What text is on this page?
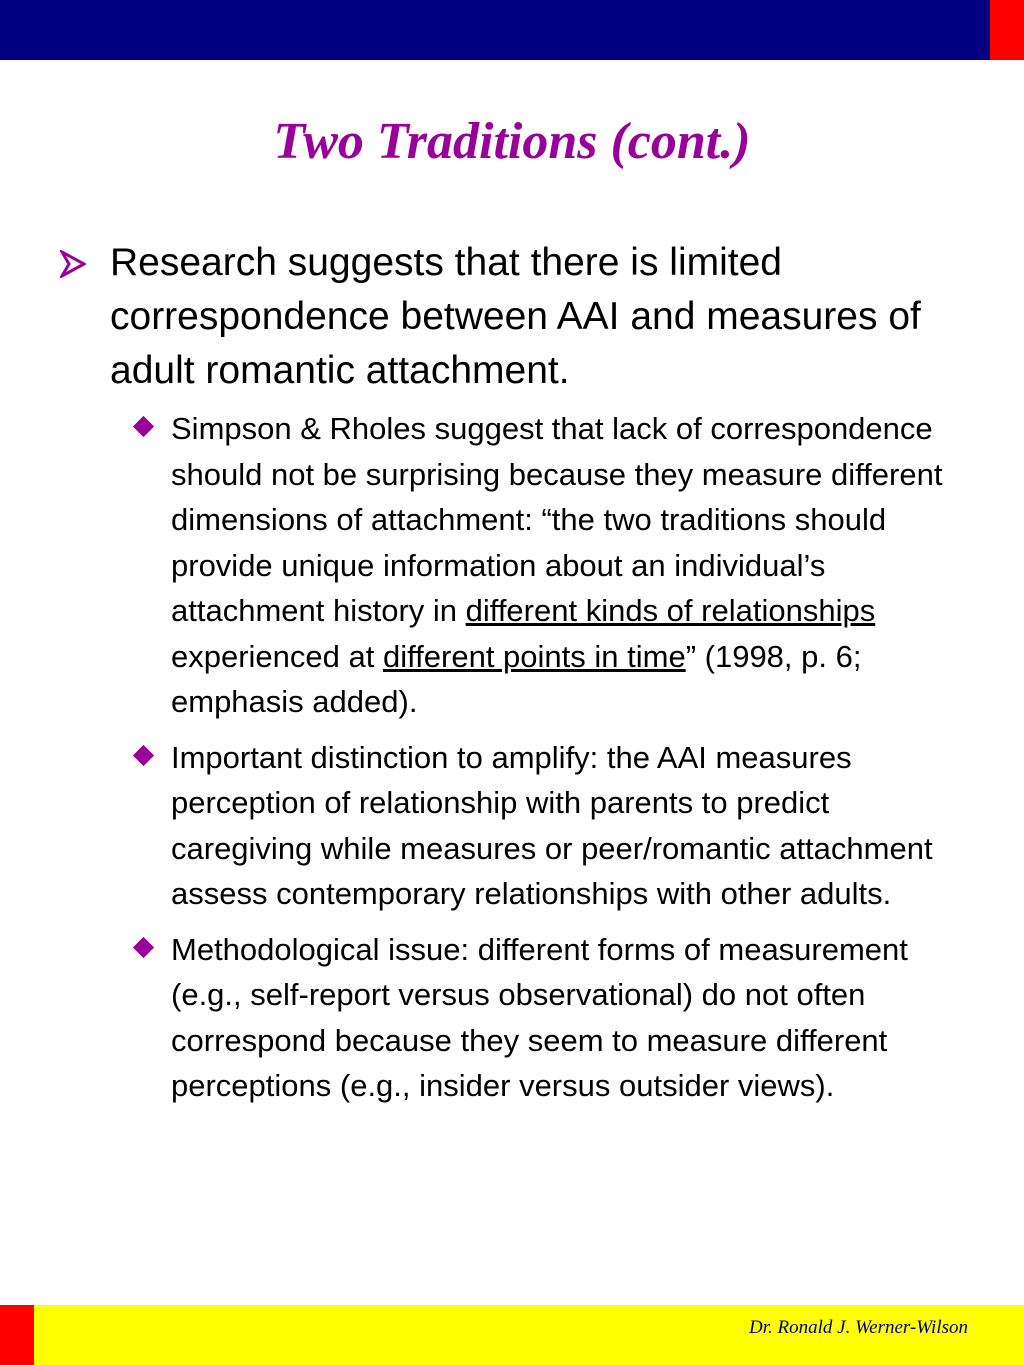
Two Traditions (cont.)
Research suggests that there is limited correspondence between AAI and measures of adult romantic attachment.
Simpson & Rholes suggest that lack of correspondence should not be surprising because they measure different dimensions of attachment: “the two traditions should provide unique information about an individual’s attachment history in different kinds of relationships experienced at different points in time” (1998, p. 6; emphasis added).
Important distinction to amplify: the AAI measures perception of relationship with parents to predict caregiving while measures or peer/romantic attachment assess contemporary relationships with other adults.
Methodological issue: different forms of measurement (e.g., self-report versus observational) do not often correspond because they seem to measure different perceptions (e.g., insider versus outsider views).
Dr. Ronald J. Werner-Wilson
